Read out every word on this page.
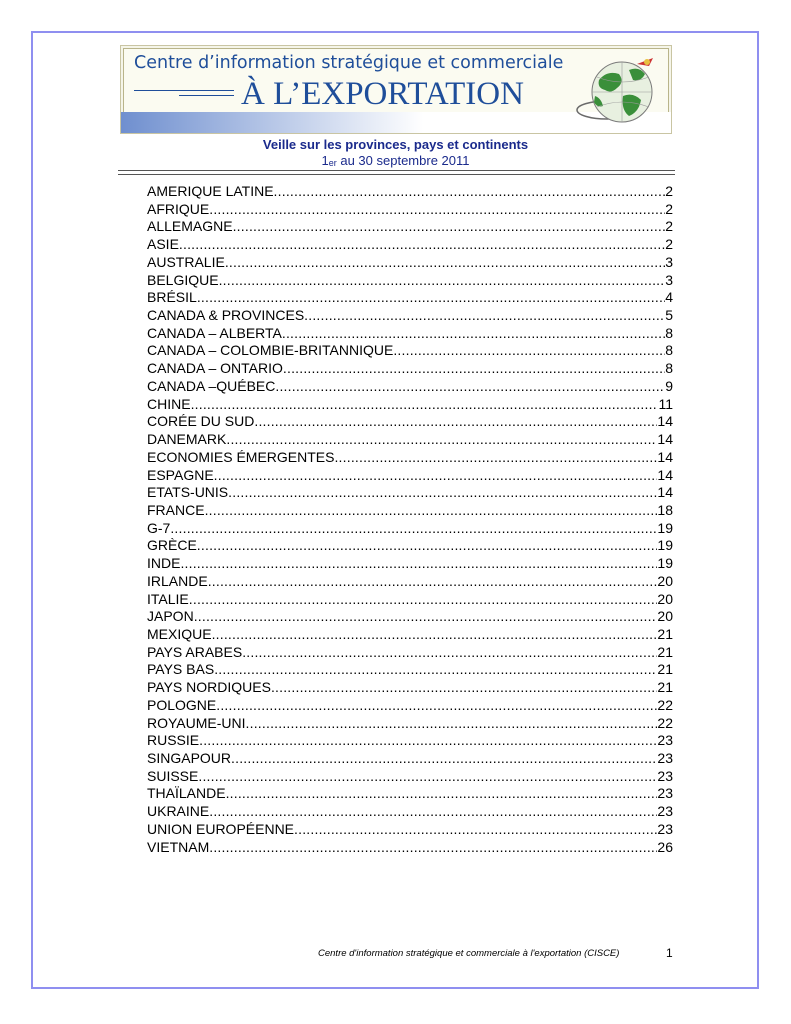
Centre d’information stratégique et commerciale
À L’EXPORTATION
Veille sur les provinces, pays et continents
1er au 30 septembre 2011
AMERIQUE LATINE .....	2
AFRIQUE .....	2
ALLEMAGNE .....	2
ASIE .....	2
AUSTRALIE .....	3
BELGIQUE .....	3
BRÉSIL .....	4
CANADA & PROVINCES .....	5
CANADA – ALBERTA .....	8
CANADA – COLOMBIE-BRITANNIQUE .....	8
CANADA – ONTARIO .....	8
CANADA –QUÉBEC .....	9
CHINE .....	11
CORÉE DU SUD .....	14
DANEMARK .....	14
ECONOMIES ÉMERGENTES .....	14
ESPAGNE .....	14
ETATS-UNIS .....	14
FRANCE .....	18
G-7 .....	19
GRÈCE .....	19
INDE .....	19
IRLANDE .....	20
ITALIE .....	20
JAPON .....	20
MEXIQUE .....	21
PAYS ARABES .....	21
PAYS BAS .....	21
PAYS NORDIQUES .....	21
POLOGNE .....	22
ROYAUME-UNI .....	22
RUSSIE .....	23
SINGAPOUR .....	23
SUISSE .....	23
THAÏLANDE .....	23
UKRAINE .....	23
UNION EUROPÉENNE .....	23
VIETNAM .....	26
Centre d'information stratégique et commerciale à l'exportation (CISCE)	1
